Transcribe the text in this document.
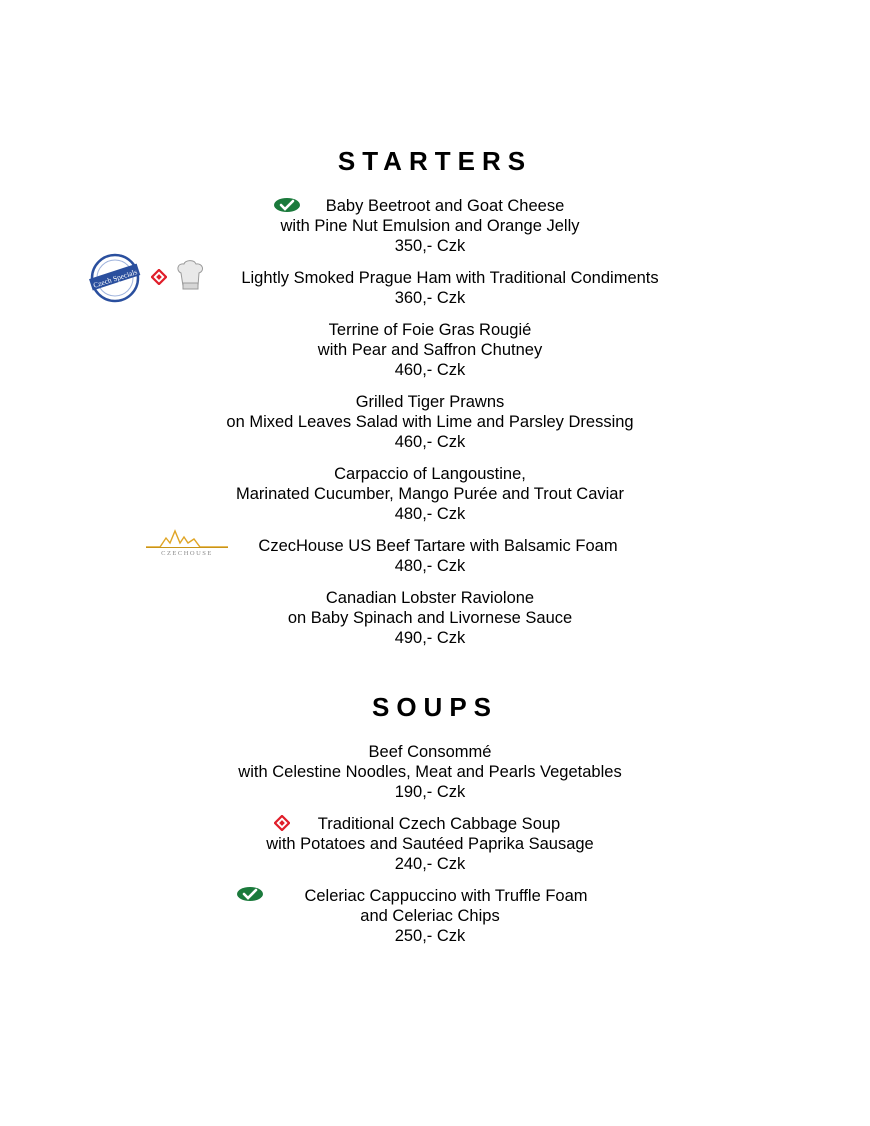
STARTERS
Baby Beetroot and Goat Cheese
with Pine Nut Emulsion and Orange Jelly
350,- Czk
Czech Specials	Lightly Smoked Prague Ham with Traditional Condiments
360,- Czk
Terrine of Foie Gras Rougié
with Pear and Saffron Chutney
460,- Czk
Grilled Tiger Prawns
on Mixed Leaves Salad with Lime and Parsley Dressing
460,- Czk
Carpaccio of Langoustine,
Marinated Cucumber, Mango Purée and Trout Caviar
480,- Czk
CZECHOUSE	CzecHouse US Beef Tartare with Balsamic Foam
480,- Czk
Canadian Lobster Raviolone
on Baby Spinach and Livornese Sauce
490,- Czk
SOUPS
Beef Consommé
with Celestine Noodles, Meat and Pearls Vegetables
190,- Czk
Traditional Czech Cabbage Soup
with Potatoes and Sautéed Paprika Sausage
240,- Czk
Celeriac Cappuccino with Truffle Foam
and Celeriac Chips
250,- Czk
